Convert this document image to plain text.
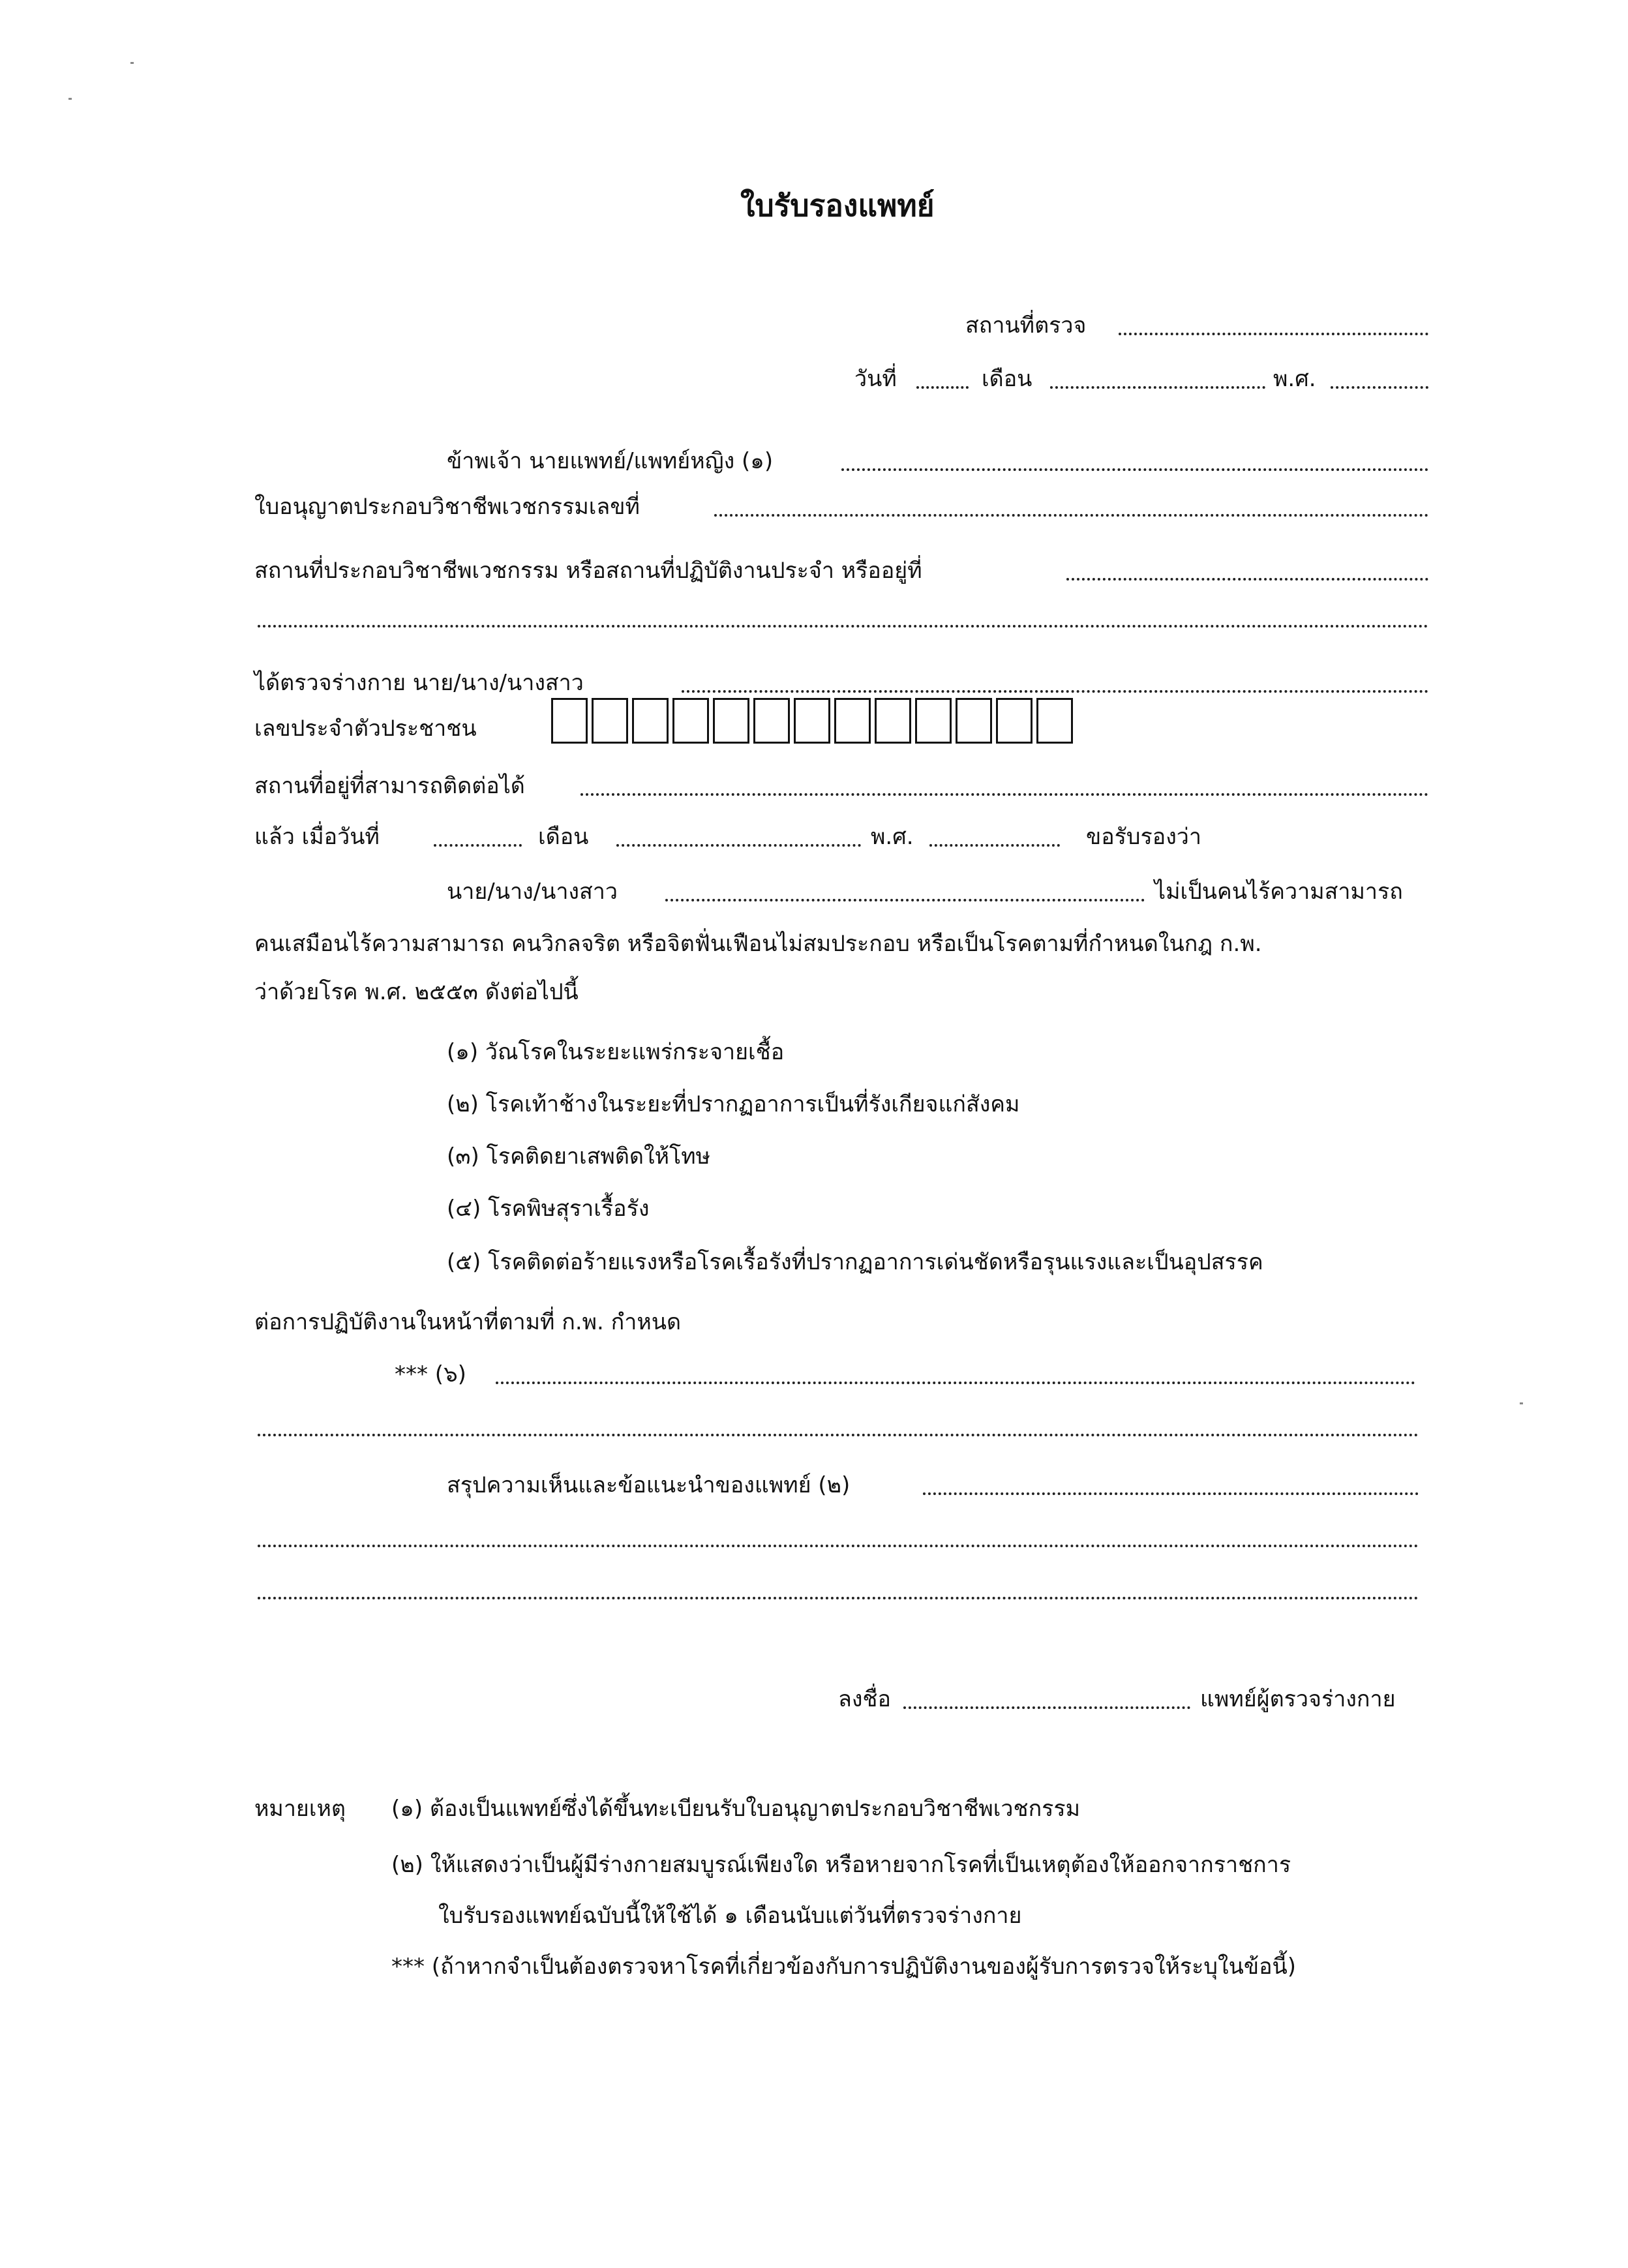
ใบรับรองแพทย์
สถานที่ตรวจ
วันที่	เดือน	พ.ศ.
ข้าพเจ้า นายแพทย์/แพทย์หญิง (๑)
ใบอนุญาตประกอบวิชาชีพเวชกรรมเลขที่
สถานที่ประกอบวิชาชีพเวชกรรม หรือสถานที่ปฏิบัติงานประจำ หรืออยู่ที่
ได้ตรวจร่างกาย นาย/นาง/นางสาว
เลขประจำตัวประชาชน
สถานที่อยู่ที่สามารถติดต่อได้
แล้ว เมื่อวันที่	เดือน	พ.ศ.	ขอรับรองว่า
นาย/นาง/นางสาว	ไม่เป็นคนไร้ความสามารถ
คนเสมือนไร้ความสามารถ คนวิกลจริต หรือจิตฟั่นเฟือนไม่สมประกอบ หรือเป็นโรคตามที่กำหนดในกฎ ก.พ.
ว่าด้วยโรค พ.ศ. ๒๕๕๓ ดังต่อไปนี้
(๑) วัณโรคในระยะแพร่กระจายเชื้อ
(๒) โรคเท้าช้างในระยะที่ปรากฏอาการเป็นที่รังเกียจแก่สังคม
(๓) โรคติดยาเสพติดให้โทษ
(๔) โรคพิษสุราเรื้อรัง
(๕) โรคติดต่อร้ายแรงหรือโรคเรื้อรังที่ปรากฏอาการเด่นชัดหรือรุนแรงและเป็นอุปสรรค
ต่อการปฏิบัติงานในหน้าที่ตามที่ ก.พ. กำหนด
*** (๖)
สรุปความเห็นและข้อแนะนำของแพทย์ (๒)
ลงชื่อ	แพทย์ผู้ตรวจร่างกาย
หมายเหตุ (๑) ต้องเป็นแพทย์ซึ่งได้ขึ้นทะเบียนรับใบอนุญาตประกอบวิชาชีพเวชกรรม
(๒) ให้แสดงว่าเป็นผู้มีร่างกายสมบูรณ์เพียงใด หรือหายจากโรคที่เป็นเหตุต้องให้ออกจากราชการ
ใบรับรองแพทย์ฉบับนี้ให้ใช้ได้ ๑ เดือนนับแต่วันที่ตรวจร่างกาย
*** (ถ้าหากจำเป็นต้องตรวจหาโรคที่เกี่ยวข้องกับการปฏิบัติงานของผู้รับการตรวจให้ระบุในข้อนี้)
